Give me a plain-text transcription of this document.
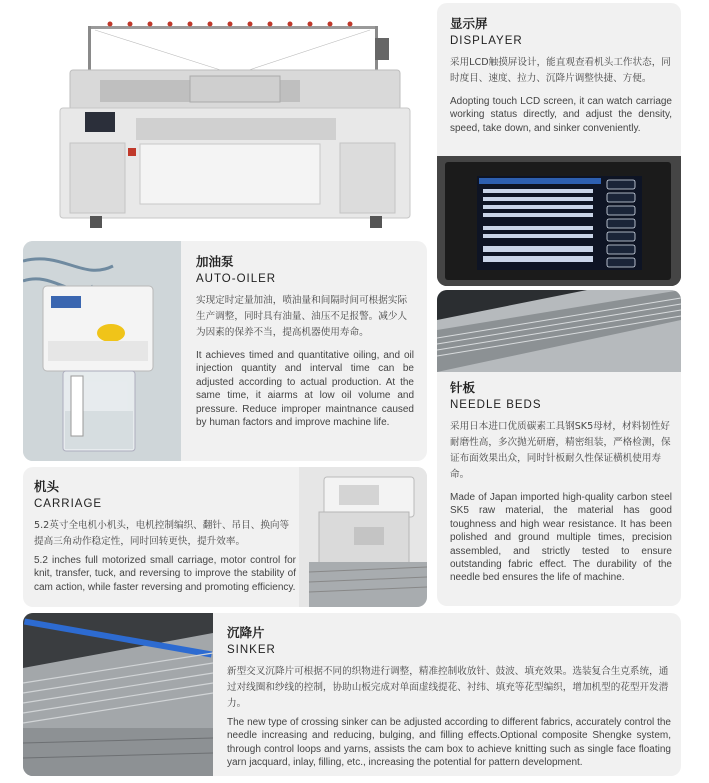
显示屏
DISPLAYER
采用LCD触摸屏设计，能直观查看机头工作状态，同时度目、速度、拉力、沉降片调整快捷、方便。
Adopting touch LCD screen, it can watch carriage working status directly, and adjust the density, speed, take down, and sinker conveniently.
加油泵
AUTO-OILER
实现定时定量加油，喷油量和间隔时间可根据实际生产调整，同时具有油量、油压不足报警。减少人为因素的保养不当，提高机器使用寿命。
It achieves timed and quantitative oiling, and oil injection quantity and interval time can be adjusted according to actual production. At the same time, it aiarms at low oil volume and pressure. Reduce improper maintnance caused by human factors and improve machine life.
针板
NEEDLE BEDS
采用日本进口优质碳素工具钢SK5母材，材料韧性好耐磨性高，多次抛光研磨，精密组装，严格检测，保证布面效果出众，同时针板耐久性保证横机使用寿命。
Made of Japan imported high-quality carbon steel SK5 raw material, the material has good toughness and high wear resistance. It has been polished and ground multiple times, precision assembled, and strictly tested to ensure outstanding fabric effect. The durability of the needle bed ensures the life of machine.
机头
CARRIAGE
5.2英寸全电机小机头，电机控制编织、翻针、吊目、换向等提高三角动作稳定性，同时回转更快，提升效率。
5.2 inches full motorized small carriage, motor control for knit, transfer, tuck, and reversing to improve the stability of cam action, while faster reversing and promoting efficiency.
沉降片
SINKER
新型交叉沉降片可根据不同的织物进行调整，精准控制收放针、鼓波、填充效果。选装复合生克系统，通过对线圈和纱线的控制，协助山板完成对单面虚线提花、衬纬、填充等花型编织，增加机型的花型开发潜力。
The new type of crossing sinker can be adjusted according to different fabrics, accurately control the needle increasing and reducing, bulging, and filling effects.Optional composite Shengke system, through control loops and yarns, assists the cam box to achieve knitting such as single face floating yarn jacquard, inlay, filling, etc., increasing the potential for pattern development.
